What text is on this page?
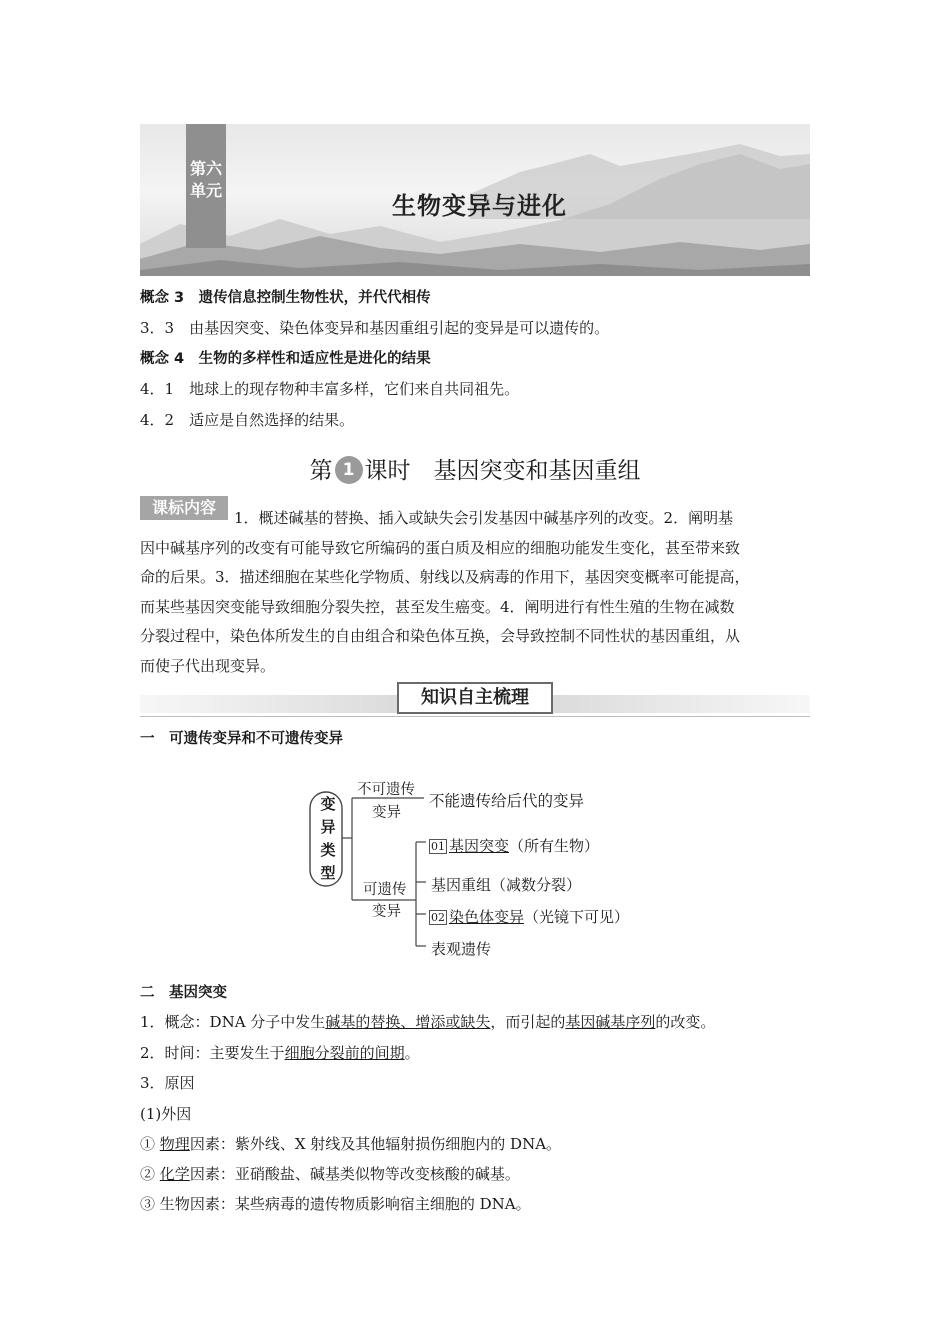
第六单元
生物变异与进化
概念 3　遗传信息控制生物性状，并代代相传
3．3　由基因突变、染色体变异和基因重组引起的变异是可以遗传的。
概念 4　生物的多样性和适应性是进化的结果
4．1　地球上的现存物种丰富多样，它们来自共同祖先。
4．2　适应是自然选择的结果。
第 1 课时　基因突变和基因重组
课标内容
1．概述碱基的替换、插入或缺失会引发基因中碱基序列的改变。2．阐明基
因中碱基序列的改变有可能导致它所编码的蛋白质及相应的细胞功能发生变化，甚至带来致
命的后果。3．描述细胞在某些化学物质、射线以及病毒的作用下，基因突变概率可能提高，
而某些基因突变能导致细胞分裂失控，甚至发生癌变。4．阐明进行有性生殖的生物在减数
分裂过程中，染色体所发生的自由组合和染色体互换，会导致控制不同性状的基因重组，从
而使子代出现变异。
知识自主梳理
一　可遗传变异和不可遗传变异
变
异
类
型
不可遗传
变异
不能遗传给后代的变异
可遗传
变异
01 基因突变（所有生物）
基因重组（减数分裂）
02 染色体变异（光镜下可见）
表观遗传
二　基因突变
1．概念：DNA 分子中发生碱基的替换、增添或缺失，而引起的基因碱基序列的改变。
2．时间：主要发生于细胞分裂前的间期。
3．原因
(1)外因
① 物理因素：紫外线、X 射线及其他辐射损伤细胞内的 DNA。
② 化学因素：亚硝酸盐、碱基类似物等改变核酸的碱基。
③ 生物因素：某些病毒的遗传物质影响宿主细胞的 DNA。
